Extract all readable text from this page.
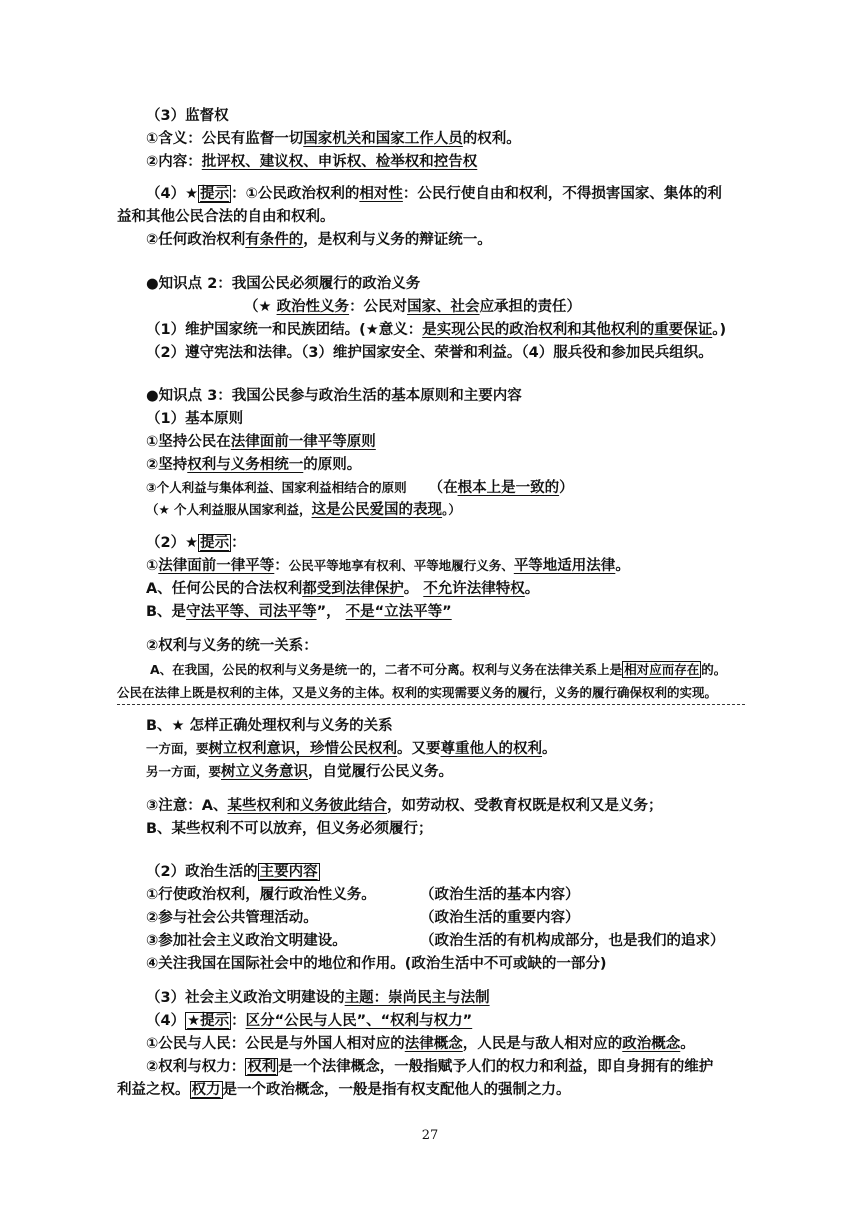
（3）监督权
①含义：公民有监督一切国家机关和国家工作人员的权利。
②内容：批评权、建议权、申诉权、检举权和控告权
（4）★ 提示 ：①公民政治权利的相对性：公民行使自由和权利，不得损害国家、集体的利
益和其他公民合法的自由和权利。
②任何政治权利有条件的，是权利与义务的辩证统一。
●知识点 2：我国公民必须履行的政治义务
（★ 政治性义务：公民对国家、社会应承担的责任）
（1）维护国家统一和民族团结。(★意义：是实现公民的政治权利和其他权利的重要保证。)
（2）遵守宪法和法律。（3）维护国家安全、荣誉和利益。（4）服兵役和参加民兵组织。
●知识点 3：我国公民参与政治生活的基本原则和主要内容
（1）基本原则
①坚持公民在法律面前一律平等原则
②坚持权利与义务相统一的原则。
③个人利益与集体利益、国家利益相结合的原则 （在根本上是一致的）
（★ 个人利益服从国家利益，这是公民爱国的表现。）
（2）★ 提示 ：
①法律面前一律平等：公民平等地享有权利、平等地履行义务、平等地适用法律。
A、任何公民的合法权利都受到法律保护。 不允许法律特权。
B、是守法平等、司法平等”， 不是“立法平等”
②权利与义务的统一关系：
A、在我国，公民的权利与义务是统一的，二者不可分离。权利与义务在法律关系上是 相对应而存在 的。
公民在法律上既是权利的主体，又是义务的主体。权利的实现需要义务的履行，义务的履行确保权利的实现。
B、★ 怎样正确处理权利与义务的关系
一方面，要树立权利意识，珍惜公民权利。又要尊重他人的权利。
另一方面，要树立义务意识，自觉履行公民义务。
③注意：A、某些权利和义务彼此结合，如劳动权、受教育权既是权利又是义务；
B、某些权利不可以放弃，但义务必须履行；
（2）政治生活的 主要内容
①行使政治权利，履行政治性义务。	（政治生活的基本内容）
②参与社会公共管理活动。	（政治生活的重要内容）
③参加社会主义政治文明建设。	（政治生活的有机构成部分，也是我们的追求）
④关注我国在国际社会中的地位和作用。(政治生活中不可或缺的一部分)
（3）社会主义政治文明建设的主题：崇尚民主与法制
（4） ★提示 ：区分“公民与人民”、“权利与权力”
①公民与人民：公民是与外国人相对应的法律概念，人民是与敌人相对应的政治概念。
②权利与权力： 权利 是一个法律概念，一般指赋予人们的权力和利益，即自身拥有的维护
利益之权。 权力 是一个政治概念，一般是指有权支配他人的强制之力。
27
